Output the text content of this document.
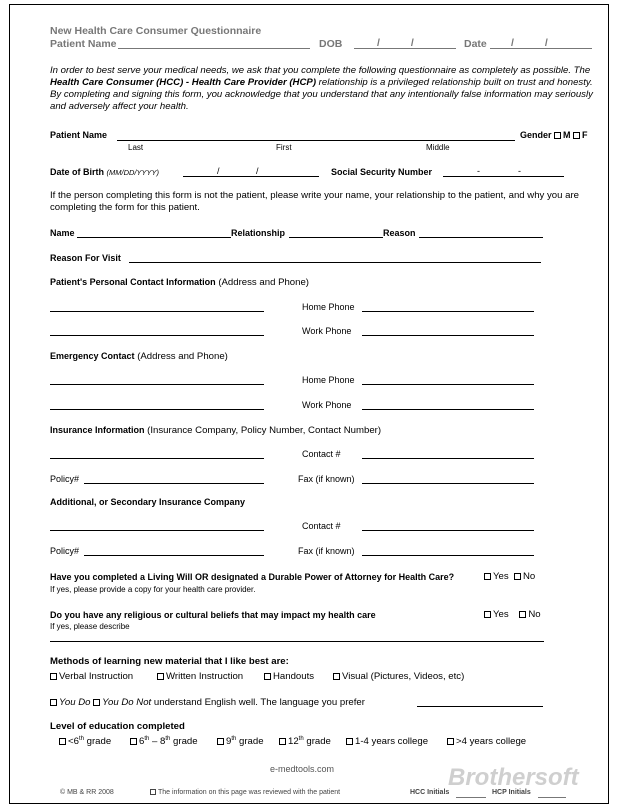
New Health Care Consumer Questionnaire
Patient Name	DOB	/ /	Date / /
In order to best serve your medical needs, we ask that you complete the following questionnaire as completely as possible. The Health Care Consumer (HCC) - Health Care Provider (HCP) relationship is a privileged relationship built on trust and honesty. By completing and signing this form, you acknowledge that you understand that any intentionally false information may seriously and adversely affect your health.
Patient Name
Last	First	Middle
Gender M F
Date of Birth (MM/DD/YYYY)	/	/	Social Security Number	-	-
If the person completing this form is not the patient, please write your name, your relationship to the patient, and why you are completing the form for this patient.
Name	Relationship	Reason
Reason For Visit
Patient's Personal Contact Information (Address and Phone)
Home Phone
Work Phone
Emergency Contact (Address and Phone)
Home Phone
Work Phone
Insurance Information (Insurance Company, Policy Number, Contact Number)
Contact #
Policy#	Fax (if known)
Additional, or Secondary Insurance Company
Contact #
Policy#	Fax (if known)
Have you completed a Living Will OR designated a Durable Power of Attorney for Health Care?	Yes No
If yes, please provide a copy for your health care provider.
Do you have any religious or cultural beliefs that may impact my health care	Yes No
If yes, please describe
Methods of learning new material that I like best are:
Verbal Instruction	Written Instruction	Handouts	Visual (Pictures, Videos, etc)
You Do You Do Not understand English well. The language you prefer
Level of education completed
<6th grade	6th – 8th grade	9th grade	12th grade	1-4 years college	>4 years college
e-medtools.com
© MB & RR 2008	The information on this page was reviewed with the patient	HCC Initials	HCP Initials
Brothersoft
